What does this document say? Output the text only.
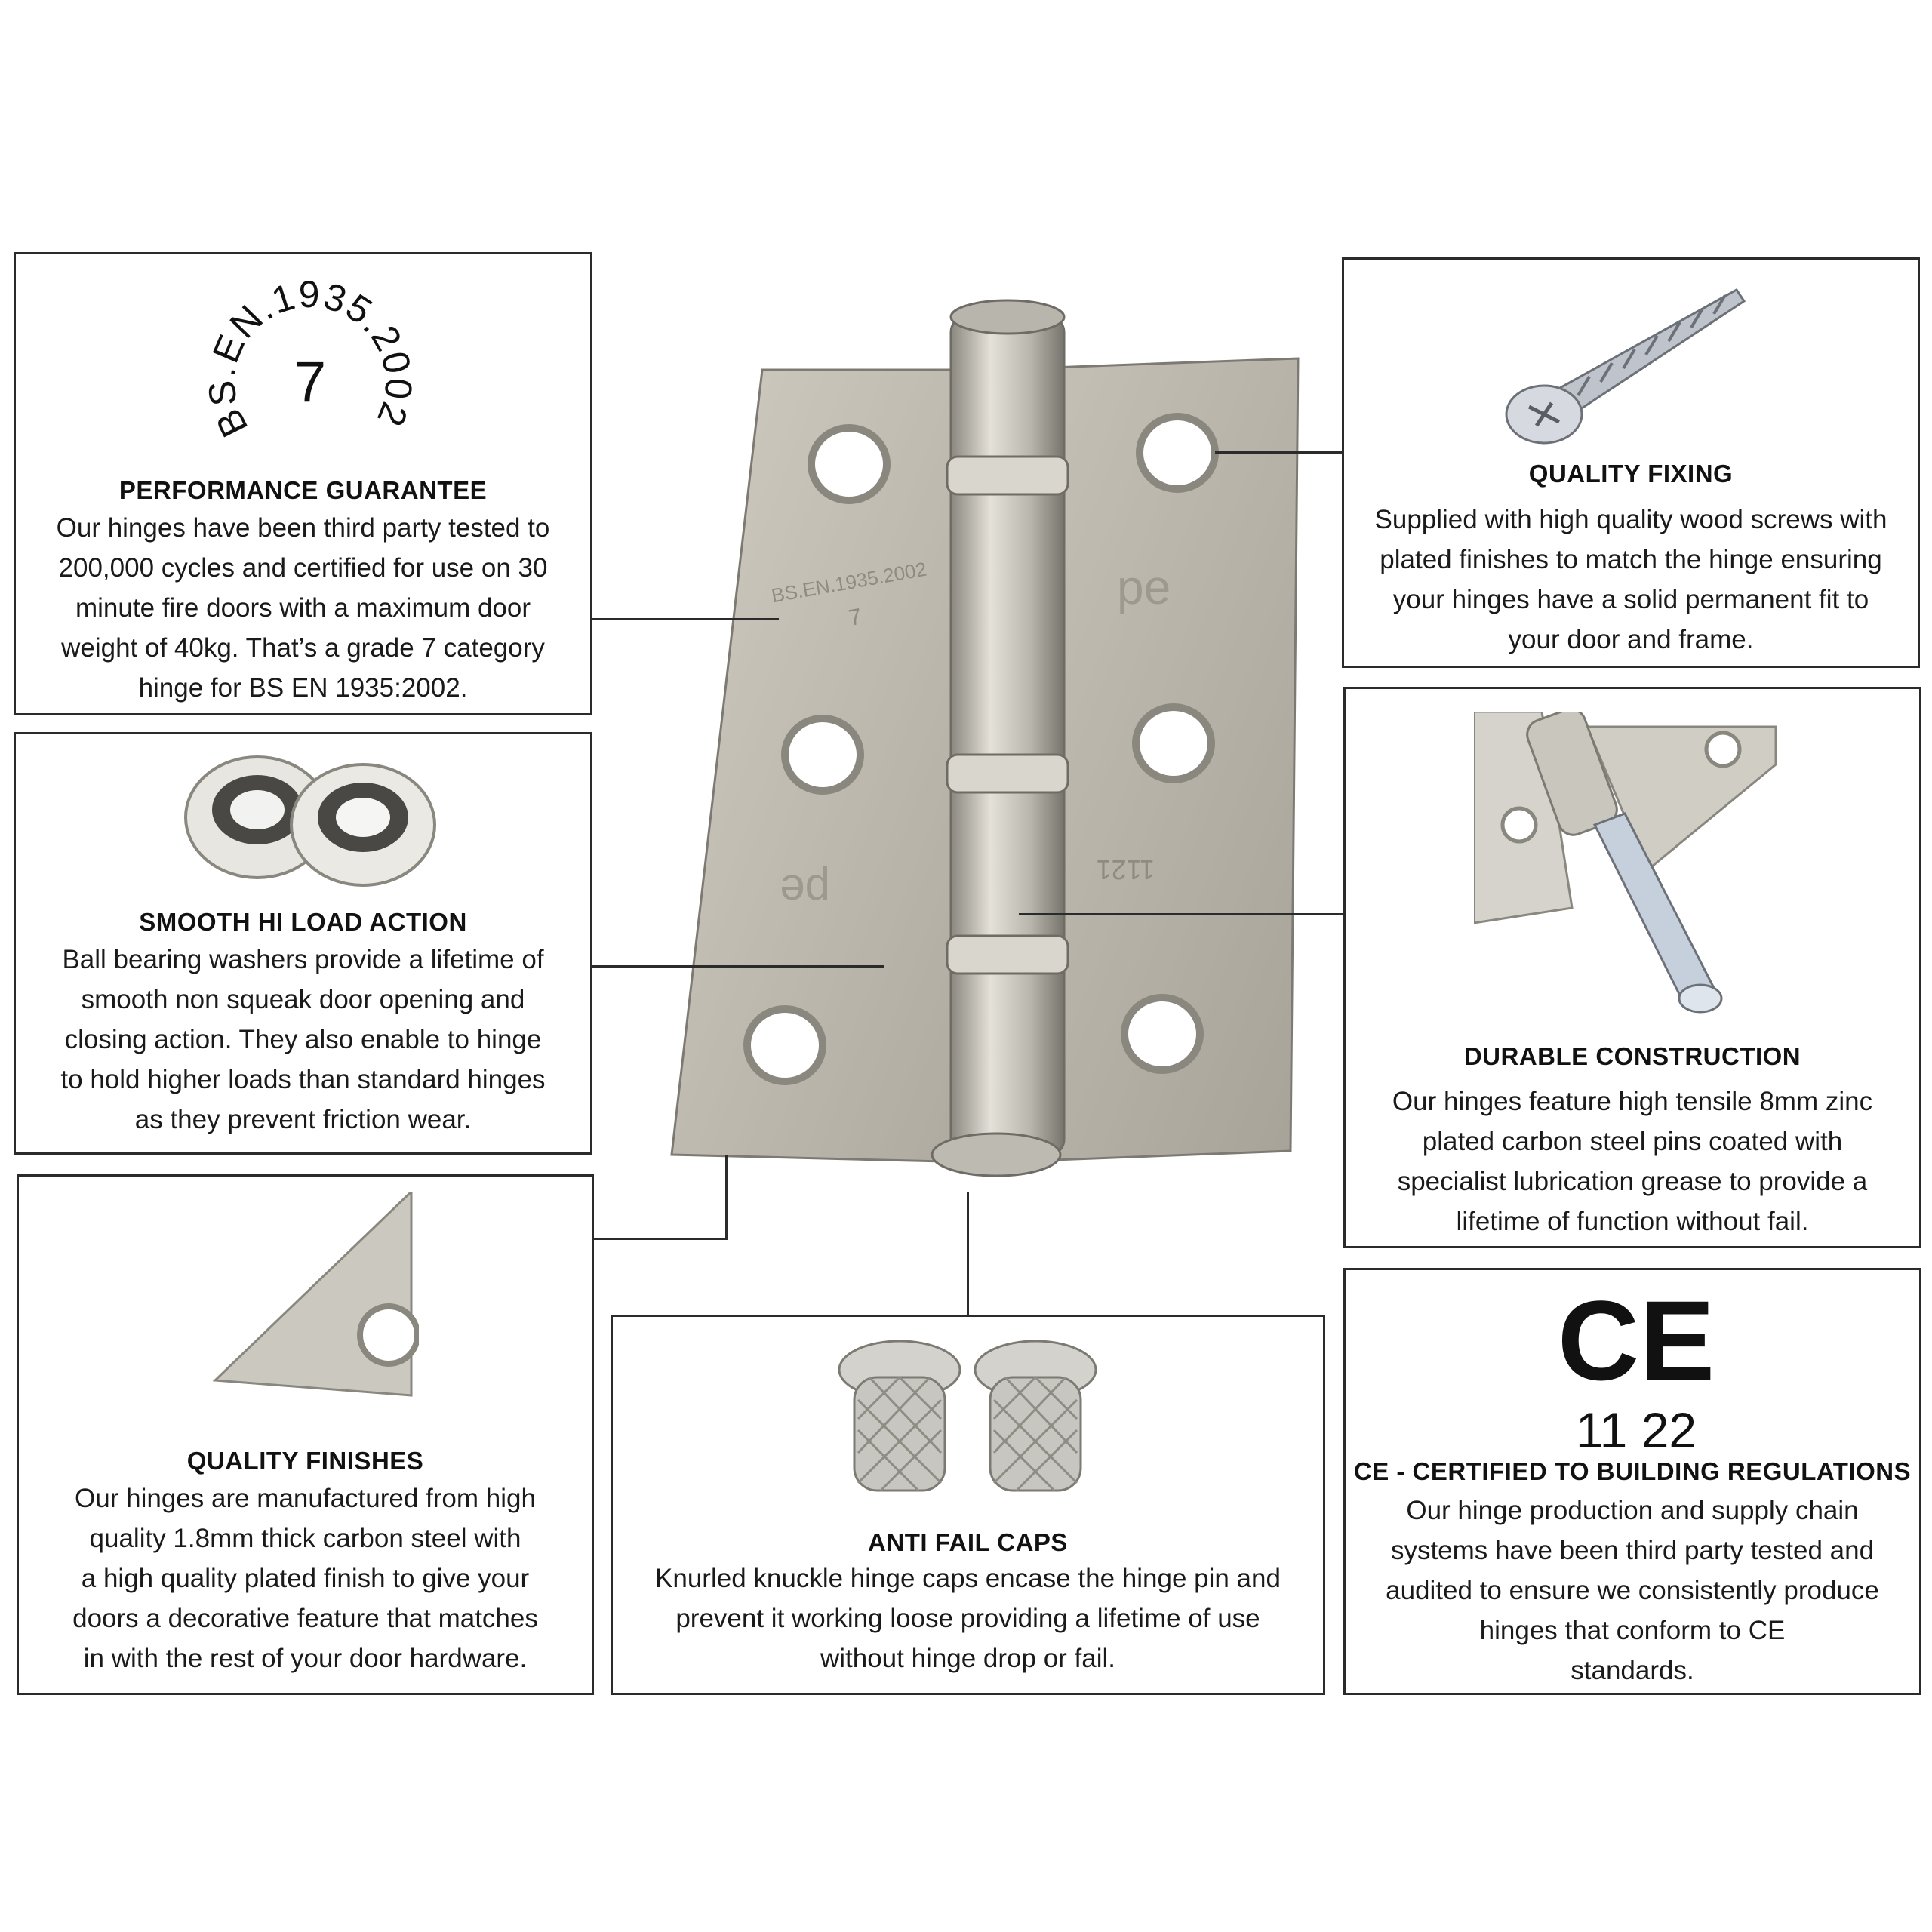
BS.EN.1935.2002
7
pe
pe
1121
BS.EN.1935.2002
7
PERFORMANCE GUARANTEE
Our hinges have been third party tested to
200,000 cycles and certified for use on 30
minute fire doors with a maximum door
weight of 40kg. That’s a grade 7 category
hinge for BS EN 1935:2002.
SMOOTH HI LOAD ACTION
Ball bearing washers provide a lifetime of
smooth non squeak door opening and
closing action. They also enable to hinge
to hold higher loads than standard hinges
as they prevent friction wear.
QUALITY FINISHES
Our hinges are manufactured from high
quality 1.8mm thick carbon steel with
a high quality plated finish to give your
doors a decorative feature that matches
in with the rest of your door hardware.
ANTI FAIL CAPS
Knurled knuckle hinge caps encase the hinge pin and
prevent it working loose providing a lifetime of use
without hinge drop or fail.
QUALITY FIXING
Supplied with high quality wood screws with
plated finishes to match the hinge ensuring
your hinges have a solid permanent fit to
your door and frame.
DURABLE CONSTRUCTION
Our hinges feature high tensile 8mm zinc
plated carbon steel pins coated with
specialist lubrication grease to provide a
lifetime of function without fail.
CE
11 22
CE - CERTIFIED TO BUILDING REGULATIONS
Our hinge production and supply chain
systems have been third party tested and
audited to ensure we consistently produce
hinges that conform to CE
standards.
